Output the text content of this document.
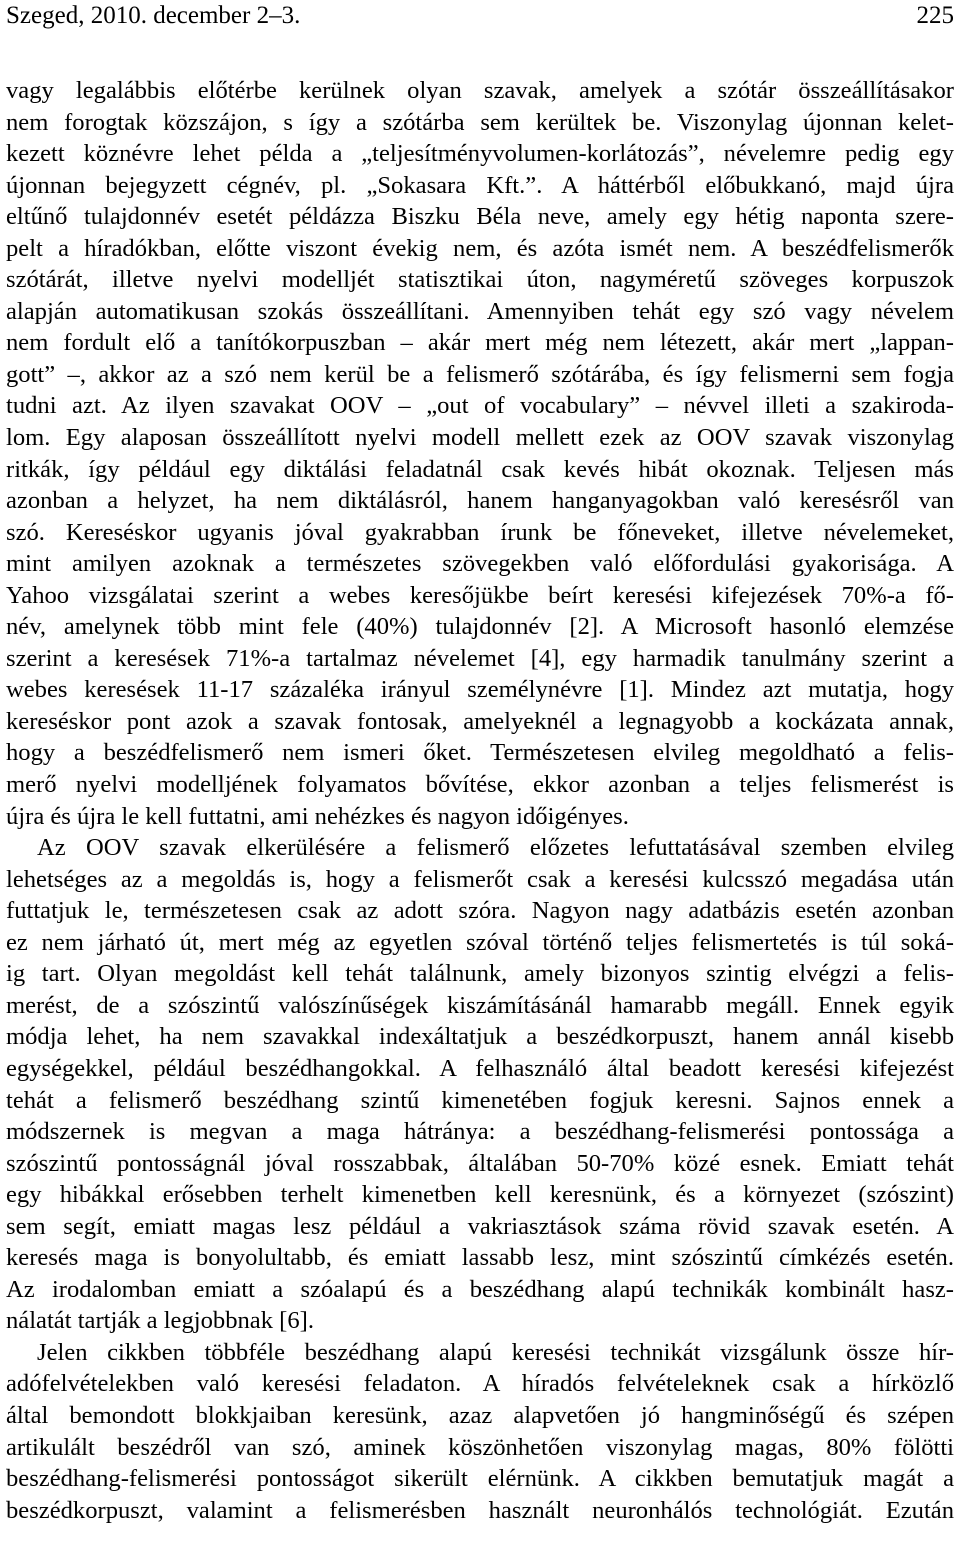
Szeged, 2010. december 2–3.	225
vagy legalábbis előtérbe kerülnek olyan szavak, amelyek a szótár összeállításakor
nem forogtak közszájon, s így a szótárba sem kerültek be. Viszonylag újonnan kelet-
kezett köznévre lehet példa a „teljesítményvolumen-korlátozás”, névelemre pedig egy
újonnan bejegyzett cégnév, pl. „Sokasara Kft.”. A háttérből előbukkanó, majd újra
eltűnő tulajdonnév esetét példázza Biszku Béla neve, amely egy hétig naponta szere-
pelt a híradókban, előtte viszont évekig nem, és azóta ismét nem. A beszédfelismerők
szótárát, illetve nyelvi modelljét statisztikai úton, nagyméretű szöveges korpuszok
alapján automatikusan szokás összeállítani. Amennyiben tehát egy szó vagy névelem
nem fordult elő a tanítókorpuszban – akár mert még nem létezett, akár mert „lappan-
gott” –, akkor az a szó nem kerül be a felismerő szótárába, és így felismerni sem fogja
tudni azt. Az ilyen szavakat OOV – „out of vocabulary” – névvel illeti a szakiroda-
lom. Egy alaposan összeállított nyelvi modell mellett ezek az OOV szavak viszonylag
ritkák, így például egy diktálási feladatnál csak kevés hibát okoznak. Teljesen más
azonban a helyzet, ha nem diktálásról, hanem hanganyagokban való keresésről van
szó. Kereséskor ugyanis jóval gyakrabban írunk be főneveket, illetve névelemeket,
mint amilyen azoknak a természetes szövegekben való előfordulási gyakorisága. A
Yahoo vizsgálatai szerint a webes keresőjükbe beírt keresési kifejezések 70%-a fő-
név, amelynek több mint fele (40%) tulajdonnév [2]. A Microsoft hasonló elemzése
szerint a keresések 71%-a tartalmaz névelemet [4], egy harmadik tanulmány szerint a
webes keresések 11-17 százaléka irányul személynévre [1]. Mindez azt mutatja, hogy
kereséskor pont azok a szavak fontosak, amelyeknél a legnagyobb a kockázata annak,
hogy a beszédfelismerő nem ismeri őket. Természetesen elvileg megoldható a felis-
merő nyelvi modelljének folyamatos bővítése, ekkor azonban a teljes felismerést is
újra és újra le kell futtatni, ami nehézkes és nagyon időigényes.
Az OOV szavak elkerülésére a felismerő előzetes lefuttatásával szemben elvileg
lehetséges az a megoldás is, hogy a felismerőt csak a keresési kulcsszó megadása után
futtatjuk le, természetesen csak az adott szóra. Nagyon nagy adatbázis esetén azonban
ez nem járható út, mert még az egyetlen szóval történő teljes felismertetés is túl soká-
ig tart. Olyan megoldást kell tehát találnunk, amely bizonyos szintig elvégzi a felis-
merést, de a szószintű valószínűségek kiszámításánál hamarabb megáll. Ennek egyik
módja lehet, ha nem szavakkal indexáltatjuk a beszédkorpuszt, hanem annál kisebb
egységekkel, például beszédhangokkal. A felhasználó által beadott keresési kifejezést
tehát a felismerő beszédhang szintű kimenetében fogjuk keresni. Sajnos ennek a
módszernek is megvan a maga hátránya: a beszédhang-felismerési pontossága a
szószintű pontosságnál jóval rosszabbak, általában 50-70% közé esnek. Emiatt tehát
egy hibákkal erősebben terhelt kimenetben kell keresnünk, és a környezet (szószint)
sem segít, emiatt magas lesz például a vakriasztások száma rövid szavak esetén. A
keresés maga is bonyolultabb, és emiatt lassabb lesz, mint szószintű címkézés esetén.
Az irodalomban emiatt a szóalapú és a beszédhang alapú technikák kombinált hasz-
nálatát tartják a legjobbnak [6].
Jelen cikkben többféle beszédhang alapú keresési technikát vizsgálunk össze hír-
adófelvételekben való keresési feladaton. A híradós felvételeknek csak a hírközlő
által bemondott blokkjaiban keresünk, azaz alapvetően jó hangminőségű és szépen
artikulált beszédről van szó, aminek köszönhetően viszonylag magas, 80% fölötti
beszédhang-felismerési pontosságot sikerült elérnünk. A cikkben bemutatjuk magát a
beszédkorpuszt, valamint a felismerésben használt neuronhálós technológiát. Ezután
